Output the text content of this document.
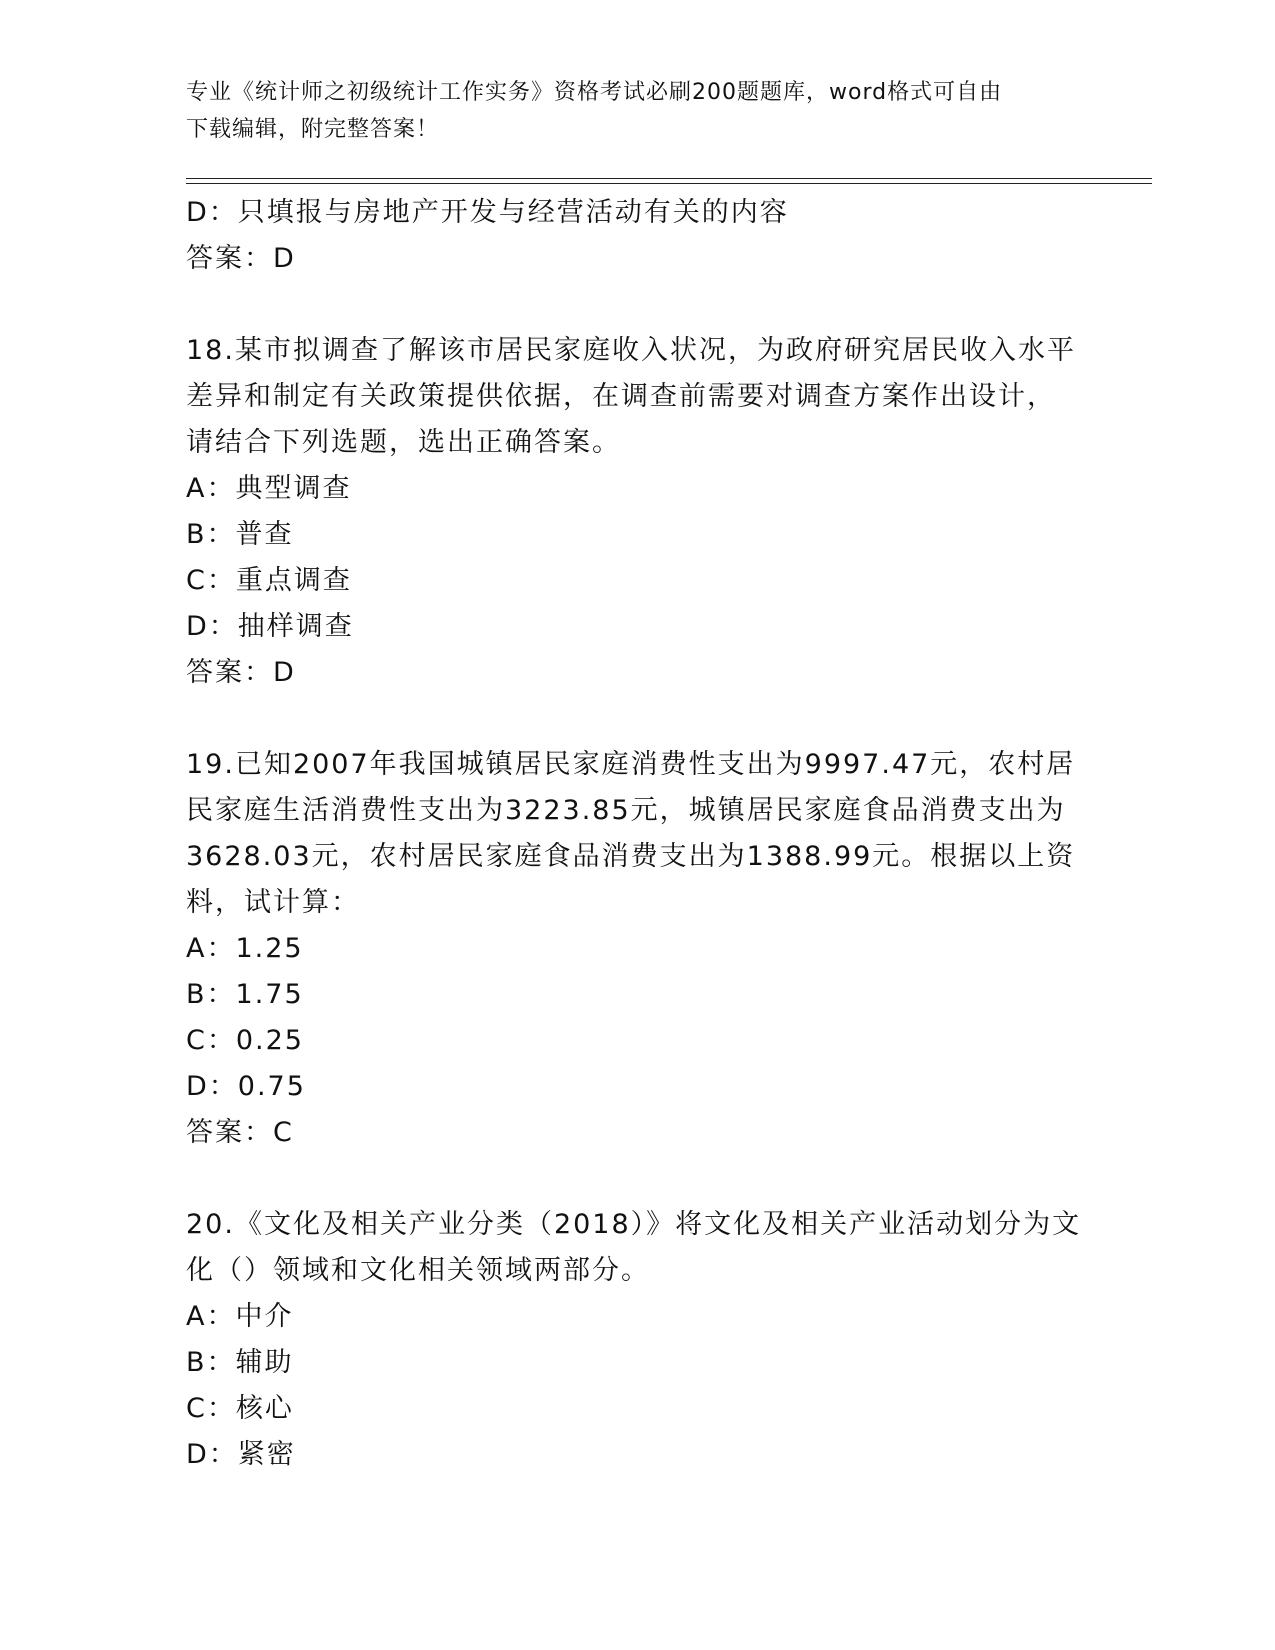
专业《统计师之初级统计工作实务》资格考试必刷200题题库，word格式可自由
下载编辑，附完整答案！
D：只填报与房地产开发与经营活动有关的内容
答案：D
18.某市拟调查了解该市居民家庭收入状况，为政府研究居民收入水平
差异和制定有关政策提供依据，在调查前需要对调查方案作出设计，
请结合下列选题，选出正确答案。
A：典型调查
B：普查
C：重点调查
D：抽样调查
答案：D
19.已知2007年我国城镇居民家庭消费性支出为9997.47元，农村居
民家庭生活消费性支出为3223.85元，城镇居民家庭食品消费支出为
3628.03元，农村居民家庭食品消费支出为1388.99元。根据以上资
料，试计算：
A：1.25
B：1.75
C：0.25
D：0.75
答案：C
20.《文化及相关产业分类（2018）》将文化及相关产业活动划分为文
化（）领域和文化相关领域两部分。
A：中介
B：辅助
C：核心
D：紧密
